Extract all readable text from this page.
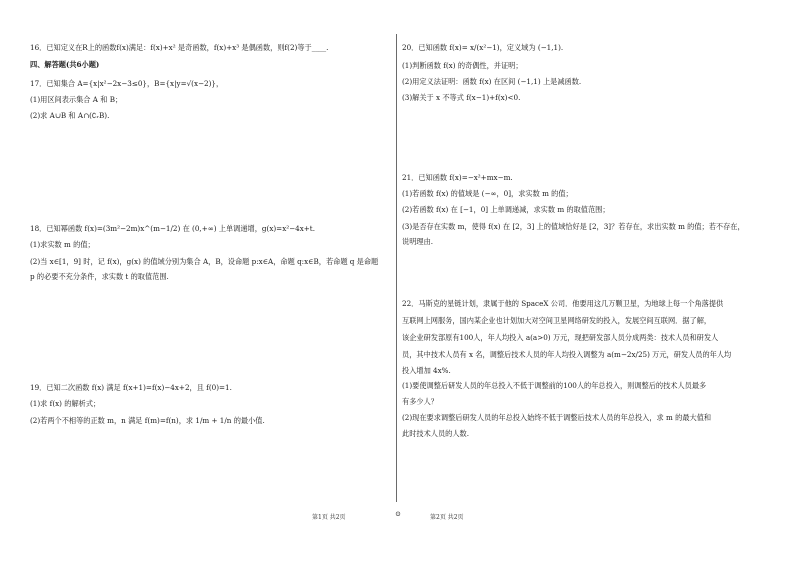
16．已知定义在R上的函数f(x)满足：f(x)+x² 是奇函数，f(x)+x³ 是偶函数，则f(2)等于____.
四、解答题(共6小题)
17．已知集合 A={x|x²−2x−3≤0}，B={x|y=√(x−2)}，
(1)用区间表示集合 A 和 B；
(2)求 A∪B 和 A∩(∁ᵣB).
18．已知幂函数 f(x)=(3m²−2m)x^(m−1/2) 在 (0,+∞) 上单调递增，g(x)=x²−4x+t.
(1)求实数 m 的值；
(2)当 x∈[1，9] 时，记 f(x)，g(x) 的值域分别为集合 A，B，设命题 p:x∈A，命题 q:x∈B，若命题 q 是命题
p 的必要不充分条件，求实数 t 的取值范围.
19．已知二次函数 f(x) 满足 f(x+1)=f(x)−4x+2，且 f(0)=1.
(1)求 f(x) 的解析式；
(2)若两个不相等的正数 m，n 满足 f(m)=f(n)，求 1/m + 1/n 的最小值.
20．已知函数 f(x)= x/(x²−1)，定义域为 (−1,1).
(1)判断函数 f(x) 的奇偶性，并证明；
(2)用定义法证明：函数 f(x) 在区间 (−1,1) 上是减函数.
(3)解关于 x 不等式 f(x−1)+f(x)<0.
21．已知函数 f(x)=−x²+mx−m.
(1)若函数 f(x) 的值域是 (−∞，0]，求实数 m 的值；
(2)若函数 f(x) 在 [−1，0] 上单调递减，求实数 m 的取值范围；
(3)是否存在实数 m，使得 f(x) 在 [2，3] 上的值域恰好是 [2，3]？若存在，求出实数 m 的值；若不存在，
说明理由.
22．马斯克的星链计划，隶属于他的 SpaceX 公司．他要用这几万颗卫星，为地球上每一个角落提供
互联网上网服务，国内某企业也计划加大对空间卫星网络研发的投入，发展空间互联网．据了解，
该企业研发部原有100人，年人均投入 a(a>0) 万元，现把研发部人员分成两类：技术人员和研发人
员，其中技术人员有 x 名，调整后技术人员的年人均投入调整为 a(m−2x/25) 万元，研发人员的年人均
投入增加 4x%.
(1)要使调整后研发人员的年总投入不低于调整前的100人的年总投入，则调整后的技术人员最多
有多少人？
(2)现在要求调整后研发人员的年总投入始终不低于调整后技术人员的年总投入，求 m 的最大值和
此时技术人员的人数.
第1页 共2页	⊙	第2页 共2页
